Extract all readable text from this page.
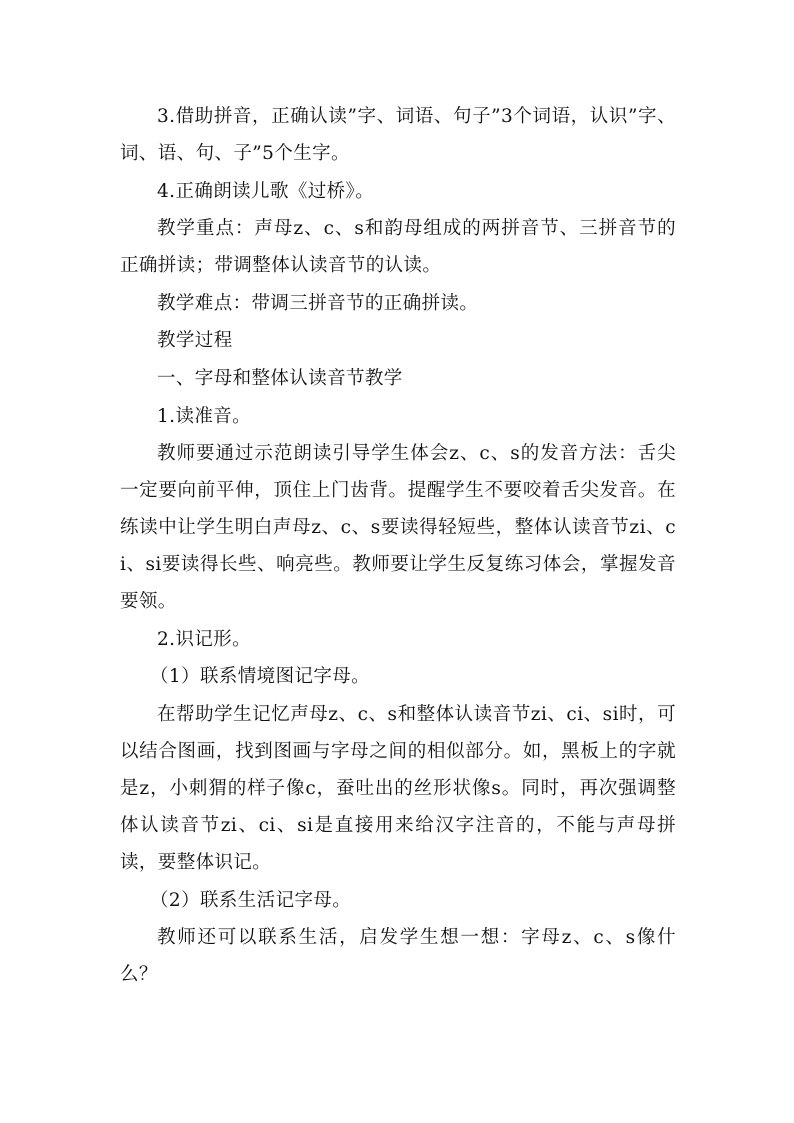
3.借助拼音，正确认读”字、词语、句子”3个词语，认识”字、词、语、句、子”5个生字。

4.正确朗读儿歌《过桥》。

教学重点：声母z、c、s和韵母组成的两拼音节、三拼音节的正确拼读；带调整体认读音节的认读。

教学难点：带调三拼音节的正确拼读。

教学过程

一、字母和整体认读音节教学

1.读准音。

教师要通过示范朗读引导学生体会z、c、s的发音方法：舌尖一定要向前平伸，顶住上门齿背。提醒学生不要咬着舌尖发音。在练读中让学生明白声母z、c、s要读得轻短些，整体认读音节zi、ci、si要读得长些、响亮些。教师要让学生反复练习体会，掌握发音要领。

2.识记形。

（1）联系情境图记字母。

在帮助学生记忆声母z、c、s和整体认读音节zi、ci、si时，可以结合图画，找到图画与字母之间的相似部分。如，黑板上的字就是z，小刺猬的样子像c，蚕吐出的丝形状像s。同时，再次强调整体认读音节zi、ci、si是直接用来给汉字注音的，不能与声母拼读，要整体识记。

（2）联系生活记字母。

教师还可以联系生活，启发学生想一想：字母z、c、s像什么？
